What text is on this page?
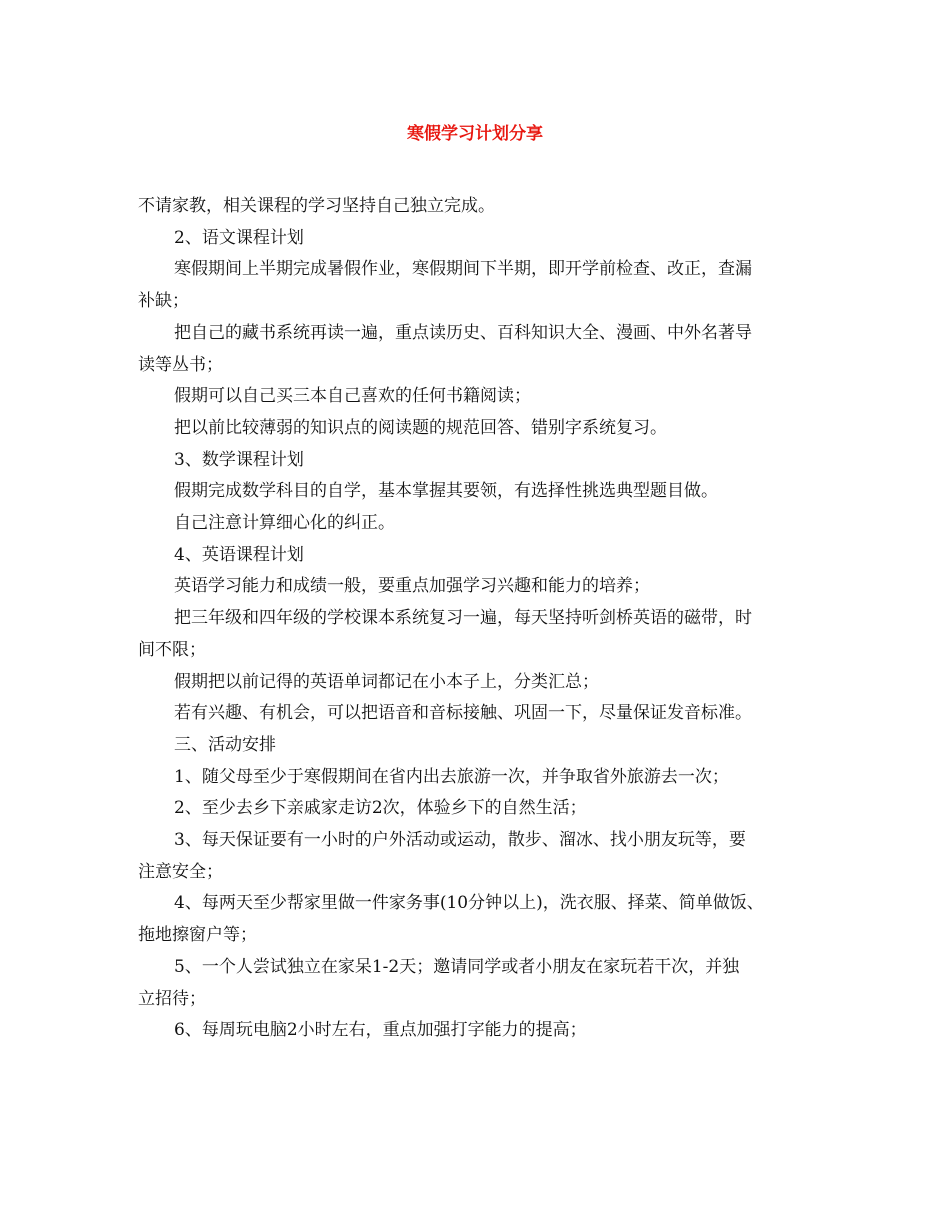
寒假学习计划分享

不请家教，相关课程的学习坚持自己独立完成。

2、语文课程计划

寒假期间上半期完成暑假作业，寒假期间下半期，即开学前检查、改正，查漏

补缺；

把自己的藏书系统再读一遍，重点读历史、百科知识大全、漫画、中外名著导

读等丛书；

假期可以自己买三本自己喜欢的任何书籍阅读；

把以前比较薄弱的知识点的阅读题的规范回答、错别字系统复习。

3、数学课程计划

假期完成数学科目的自学，基本掌握其要领，有选择性挑选典型题目做。

自己注意计算细心化的纠正。

4、英语课程计划

英语学习能力和成绩一般，要重点加强学习兴趣和能力的培养；

把三年级和四年级的学校课本系统复习一遍，每天坚持听剑桥英语的磁带，时

间不限；

假期把以前记得的英语单词都记在小本子上，分类汇总；

若有兴趣、有机会，可以把语音和音标接触、巩固一下，尽量保证发音标准。

三、活动安排

1、随父母至少于寒假期间在省内出去旅游一次，并争取省外旅游去一次；

2、至少去乡下亲戚家走访2次，体验乡下的自然生活；

3、每天保证要有一小时的户外活动或运动，散步、溜冰、找小朋友玩等，要

注意安全；

4、每两天至少帮家里做一件家务事(10分钟以上)，洗衣服、择菜、简单做饭、

拖地擦窗户等；

5、一个人尝试独立在家呆1-2天；邀请同学或者小朋友在家玩若干次，并独

立招待；

6、每周玩电脑2小时左右，重点加强打字能力的提高；
